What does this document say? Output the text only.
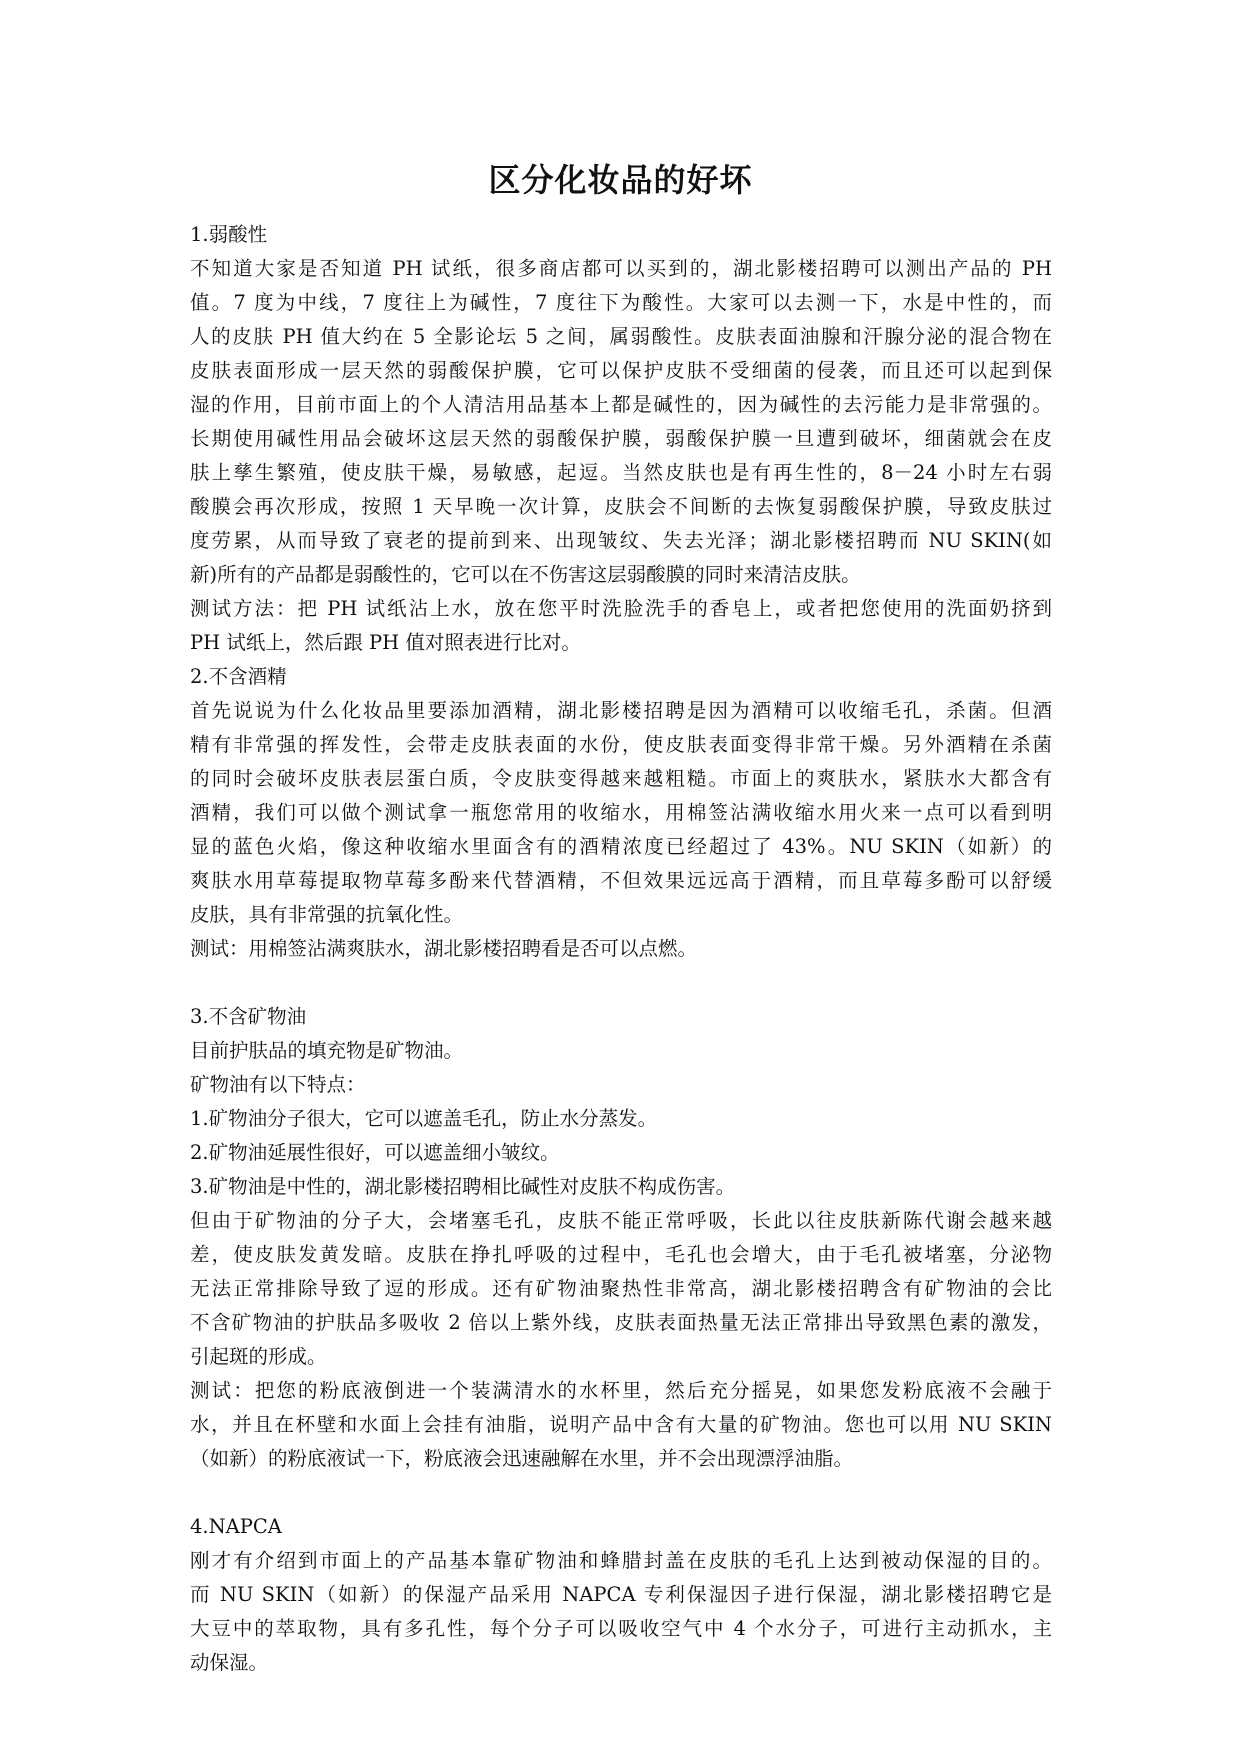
区分化妆品的好坏
1.弱酸性
不知道大家是否知道 PH 试纸，很多商店都可以买到的，湖北影楼招聘可以测出产品的 PH
值。7 度为中线，7 度往上为碱性，7 度往下为酸性。大家可以去测一下，水是中性的，而
人的皮肤 PH 值大约在 5 全影论坛 5 之间，属弱酸性。皮肤表面油腺和汗腺分泌的混合物在
皮肤表面形成一层天然的弱酸保护膜，它可以保护皮肤不受细菌的侵袭，而且还可以起到保
湿的作用，目前市面上的个人清洁用品基本上都是碱性的，因为碱性的去污能力是非常强的。
长期使用碱性用品会破坏这层天然的弱酸保护膜，弱酸保护膜一旦遭到破坏，细菌就会在皮
肤上孳生繁殖，使皮肤干燥，易敏感，起逗。当然皮肤也是有再生性的，8－24 小时左右弱
酸膜会再次形成，按照 1 天早晚一次计算，皮肤会不间断的去恢复弱酸保护膜，导致皮肤过
度劳累，从而导致了衰老的提前到来、出现皱纹、失去光泽；湖北影楼招聘而 NU SKIN(如
新)所有的产品都是弱酸性的，它可以在不伤害这层弱酸膜的同时来清洁皮肤。
测试方法：把 PH 试纸沾上水，放在您平时洗脸洗手的香皂上，或者把您使用的洗面奶挤到
PH 试纸上，然后跟 PH 值对照表进行比对。
2.不含酒精
首先说说为什么化妆品里要添加酒精，湖北影楼招聘是因为酒精可以收缩毛孔，杀菌。但酒
精有非常强的挥发性，会带走皮肤表面的水份，使皮肤表面变得非常干燥。另外酒精在杀菌
的同时会破坏皮肤表层蛋白质，令皮肤变得越来越粗糙。市面上的爽肤水，紧肤水大都含有
酒精，我们可以做个测试拿一瓶您常用的收缩水，用棉签沾满收缩水用火来一点可以看到明
显的蓝色火焰，像这种收缩水里面含有的酒精浓度已经超过了 43%。NU SKIN（如新）的
爽肤水用草莓提取物草莓多酚来代替酒精，不但效果远远高于酒精，而且草莓多酚可以舒缓
皮肤，具有非常强的抗氧化性。
测试：用棉签沾满爽肤水，湖北影楼招聘看是否可以点燃。
3.不含矿物油
目前护肤品的填充物是矿物油。
矿物油有以下特点：
1.矿物油分子很大，它可以遮盖毛孔，防止水分蒸发。
2.矿物油延展性很好，可以遮盖细小皱纹。
3.矿物油是中性的，湖北影楼招聘相比碱性对皮肤不构成伤害。
但由于矿物油的分子大，会堵塞毛孔，皮肤不能正常呼吸，长此以往皮肤新陈代谢会越来越
差，使皮肤发黄发暗。皮肤在挣扎呼吸的过程中，毛孔也会增大，由于毛孔被堵塞，分泌物
无法正常排除导致了逗的形成。还有矿物油聚热性非常高，湖北影楼招聘含有矿物油的会比
不含矿物油的护肤品多吸收 2 倍以上紫外线，皮肤表面热量无法正常排出导致黑色素的激发，
引起斑的形成。
测试：把您的粉底液倒进一个装满清水的水杯里，然后充分摇晃，如果您发粉底液不会融于
水，并且在杯壁和水面上会挂有油脂，说明产品中含有大量的矿物油。您也可以用 NU SKIN
（如新）的粉底液试一下，粉底液会迅速融解在水里，并不会出现漂浮油脂。
4.NAPCA
刚才有介绍到市面上的产品基本靠矿物油和蜂腊封盖在皮肤的毛孔上达到被动保湿的目的。
而 NU SKIN（如新）的保湿产品采用 NAPCA 专利保湿因子进行保湿，湖北影楼招聘它是
大豆中的萃取物，具有多孔性，每个分子可以吸收空气中 4 个水分子，可进行主动抓水，主
动保湿。
